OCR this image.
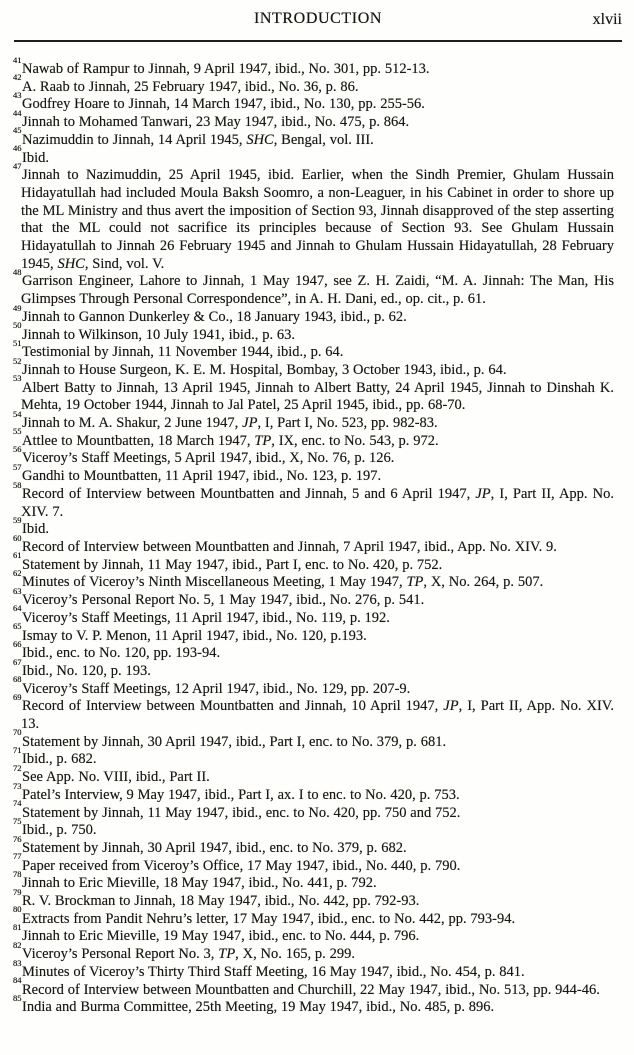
INTRODUCTION	xlvii

$^{41}$Nawab of Rampur to Jinnah, 9 April 1947, ibid., No. 301, pp. 512-13.

$^{42}$A. Raab to Jinnah, 25 February 1947, ibid., No. 36, p. 86.

$^{43}$Godfrey Hoare to Jinnah, 14 March 1947, ibid., No. 130, pp. 255-56.

$^{44}$Jinnah to Mohamed Tanwari, 23 May 1947, ibid., No. 475, p. 864.

$^{45}$Nazimuddin to Jinnah, 14 April 1945, SHC, Bengal, vol. III.

$^{46}$Ibid.

$^{47}$Jinnah to Nazimuddin, 25 April 1945, ibid. Earlier, when the Sindh Premier, Ghulam Hussain Hidayatullah had included Moula Baksh Soomro, a non-Leaguer, in his Cabinet in order to shore up the ML Ministry and thus avert the imposition of Section 93, Jinnah disapproved of the step asserting that the ML could not sacrifice its principles because of Section 93. See Ghulam Hussain Hidayatullah to Jinnah 26 February 1945 and Jinnah to Ghulam Hussain Hidayatullah, 28 February 1945, SHC, Sind, vol. V.

$^{48}$Garrison Engineer, Lahore to Jinnah, 1 May 1947, see Z. H. Zaidi, “M. A. Jinnah: The Man, His Glimpses Through Personal Correspondence”, in A. H. Dani, ed., op. cit., p. 61.

$^{49}$Jinnah to Gannon Dunkerley & Co., 18 January 1943, ibid., p. 62.

$^{50}$Jinnah to Wilkinson, 10 July 1941, ibid., p. 63.

$^{51}$Testimonial by Jinnah, 11 November 1944, ibid., p. 64.

$^{52}$Jinnah to House Surgeon, K. E. M. Hospital, Bombay, 3 October 1943, ibid., p. 64.

$^{53}$Albert Batty to Jinnah, 13 April 1945, Jinnah to Albert Batty, 24 April 1945, Jinnah to Dinshah K. Mehta, 19 October 1944, Jinnah to Jal Patel, 25 April 1945, ibid., pp. 68-70.

$^{54}$Jinnah to M. A. Shakur, 2 June 1947, JP, I, Part I, No. 523, pp. 982-83.

$^{55}$Attlee to Mountbatten, 18 March 1947, TP, IX, enc. to No. 543, p. 972.

$^{56}$Viceroy’s Staff Meetings, 5 April 1947, ibid., X, No. 76, p. 126.

$^{57}$Gandhi to Mountbatten, 11 April 1947, ibid., No. 123, p. 197.

$^{58}$Record of Interview between Mountbatten and Jinnah, 5 and 6 April 1947, JP, I, Part II, App. No. XIV. 7.

$^{59}$Ibid.

$^{60}$Record of Interview between Mountbatten and Jinnah, 7 April 1947, ibid., App. No. XIV. 9.

$^{61}$Statement by Jinnah, 11 May 1947, ibid., Part I, enc. to No. 420, p. 752.

$^{62}$Minutes of Viceroy’s Ninth Miscellaneous Meeting, 1 May 1947, TP, X, No. 264, p. 507.

$^{63}$Viceroy’s Personal Report No. 5, 1 May 1947, ibid., No. 276, p. 541.

$^{64}$Viceroy’s Staff Meetings, 11 April 1947, ibid., No. 119, p. 192.

$^{65}$Ismay to V. P. Menon, 11 April 1947, ibid., No. 120, p.193.

$^{66}$Ibid., enc. to No. 120, pp. 193-94.

$^{67}$Ibid., No. 120, p. 193.

$^{68}$Viceroy’s Staff Meetings, 12 April 1947, ibid., No. 129, pp. 207-9.

$^{69}$Record of Interview between Mountbatten and Jinnah, 10 April 1947, JP, I, Part II, App. No. XIV. 13.

$^{70}$Statement by Jinnah, 30 April 1947, ibid., Part I, enc. to No. 379, p. 681.

$^{71}$Ibid., p. 682.

$^{72}$See App. No. VIII, ibid., Part II.

$^{73}$Patel’s Interview, 9 May 1947, ibid., Part I, ax. I to enc. to No. 420, p. 753.

$^{74}$Statement by Jinnah, 11 May 1947, ibid., enc. to No. 420, pp. 750 and 752.

$^{75}$Ibid., p. 750.

$^{76}$Statement by Jinnah, 30 April 1947, ibid., enc. to No. 379, p. 682.

$^{77}$Paper received from Viceroy’s Office, 17 May 1947, ibid., No. 440, p. 790.

$^{78}$Jinnah to Eric Mieville, 18 May 1947, ibid., No. 441, p. 792.

$^{79}$R. V. Brockman to Jinnah, 18 May 1947, ibid., No. 442, pp. 792-93.

$^{80}$Extracts from Pandit Nehru’s letter, 17 May 1947, ibid., enc. to No. 442, pp. 793-94.

$^{81}$Jinnah to Eric Mieville, 19 May 1947, ibid., enc. to No. 444, p. 796.

$^{82}$Viceroy’s Personal Report No. 3, TP, X, No. 165, p. 299.

$^{83}$Minutes of Viceroy’s Thirty Third Staff Meeting, 16 May 1947, ibid., No. 454, p. 841.

$^{84}$Record of Interview between Mountbatten and Churchill, 22 May 1947, ibid., No. 513, pp. 944-46.

$^{85}$India and Burma Committee, 25th Meeting, 19 May 1947, ibid., No. 485, p. 896.
